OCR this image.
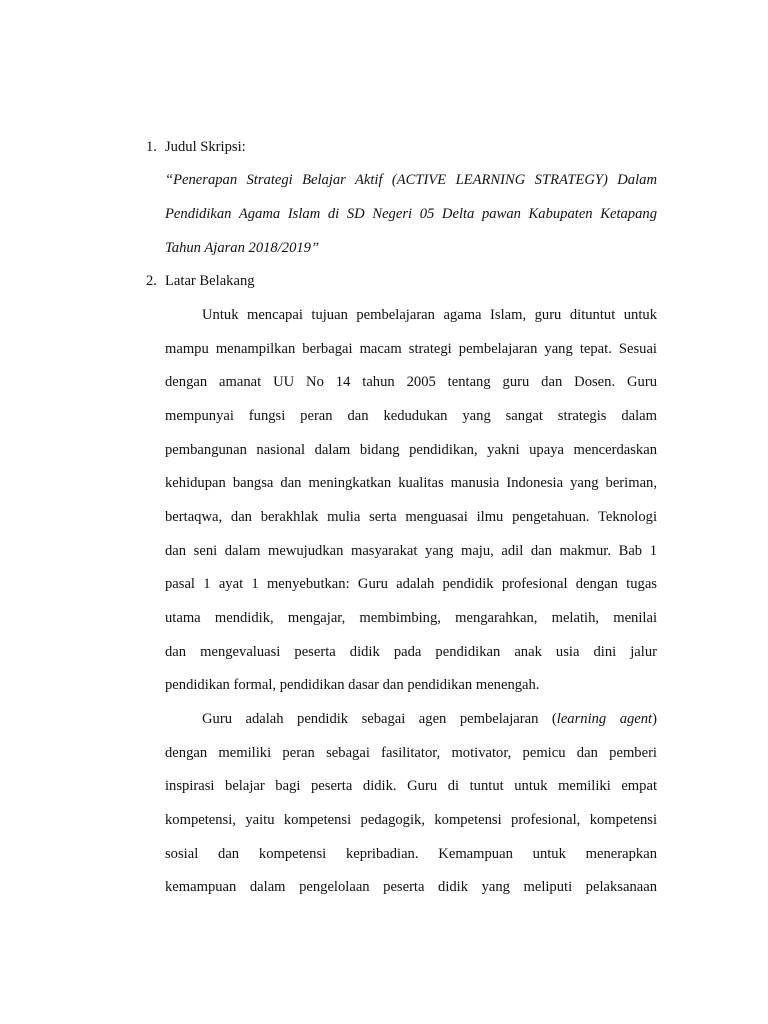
1. Judul Skripsi:
“Penerapan Strategi Belajar Aktif (ACTIVE LEARNING STRATEGY) Dalam
Pendidikan Agama Islam di SD Negeri 05 Delta pawan Kabupaten Ketapang
Tahun Ajaran 2018/2019”
2. Latar Belakang
Untuk mencapai tujuan pembelajaran agama Islam, guru dituntut untuk
mampu menampilkan berbagai macam strategi pembelajaran yang tepat. Sesuai
dengan amanat UU No 14 tahun 2005 tentang guru dan Dosen. Guru
mempunyai fungsi peran dan kedudukan yang sangat strategis dalam
pembangunan nasional dalam bidang pendidikan, yakni upaya mencerdaskan
kehidupan bangsa dan meningkatkan kualitas manusia Indonesia yang beriman,
bertaqwa, dan berakhlak mulia serta menguasai ilmu pengetahuan. Teknologi
dan seni dalam mewujudkan masyarakat yang maju, adil dan makmur. Bab 1
pasal 1 ayat 1 menyebutkan: Guru adalah pendidik profesional dengan tugas
utama mendidik, mengajar, membimbing, mengarahkan, melatih, menilai
dan mengevaluasi peserta didik pada pendidikan anak usia dini jalur
pendidikan formal, pendidikan dasar dan pendidikan menengah.
Guru adalah pendidik sebagai agen pembelajaran (learning agent)
dengan memiliki peran sebagai fasilitator, motivator, pemicu dan pemberi
inspirasi belajar bagi peserta didik. Guru di tuntut untuk memiliki empat
kompetensi, yaitu kompetensi pedagogik, kompetensi profesional, kompetensi
sosial dan kompetensi kepribadian. Kemampuan untuk menerapkan
kemampuan dalam pengelolaan peserta didik yang meliputi pelaksanaan
